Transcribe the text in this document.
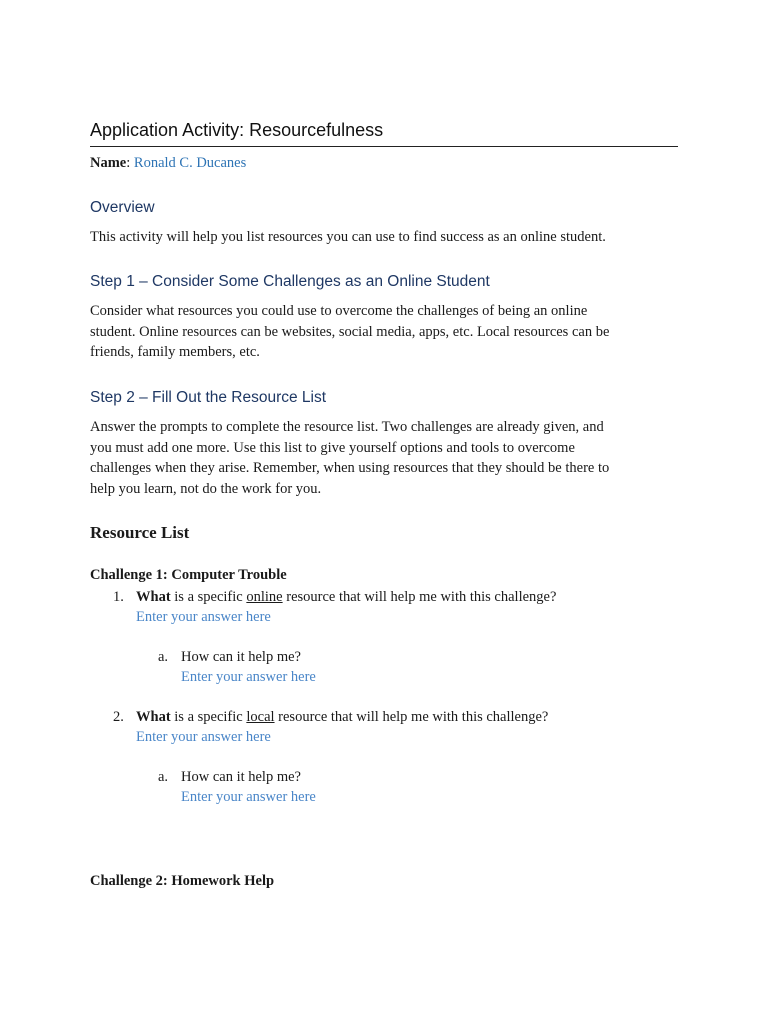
Application Activity: Resourcefulness
Name: Ronald C. Ducanes
Overview
This activity will help you list resources you can use to find success as an online student.
Step 1 – Consider Some Challenges as an Online Student
Consider what resources you could use to overcome the challenges of being an online
student. Online resources can be websites, social media, apps, etc. Local resources can be
friends, family members, etc.
Step 2 – Fill Out the Resource List
Answer the prompts to complete the resource list. Two challenges are already given, and
you must add one more. Use this list to give yourself options and tools to overcome
challenges when they arise. Remember, when using resources that they should be there to
help you learn, not do the work for you.
Resource List
Challenge 1: Computer Trouble
1. What is a specific online resource that will help me with this challenge?
Enter your answer here
a. How can it help me?
Enter your answer here
2. What is a specific local resource that will help me with this challenge?
Enter your answer here
a. How can it help me?
Enter your answer here
Challenge 2: Homework Help
